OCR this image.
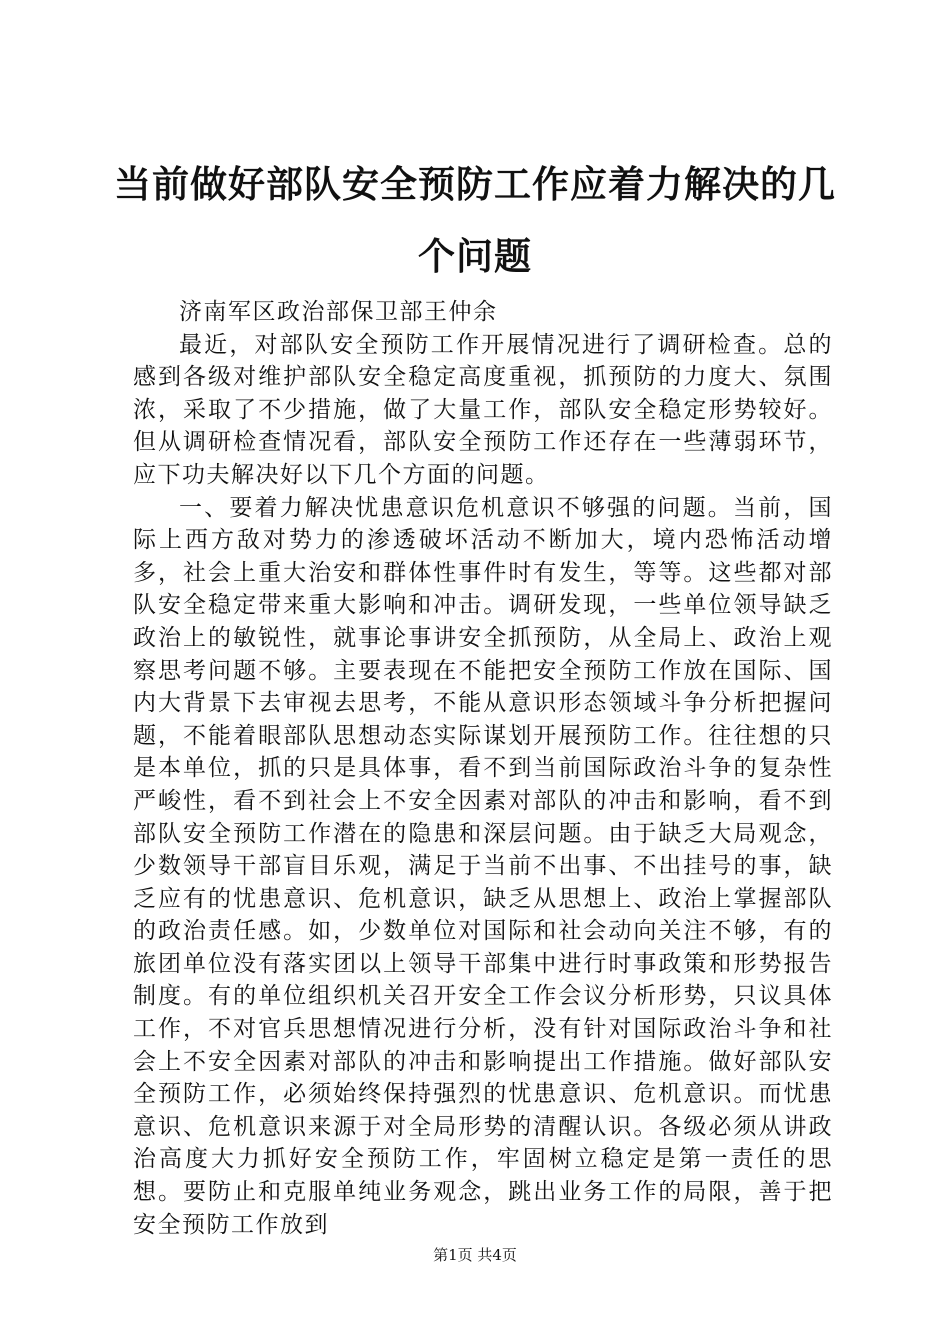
当前做好部队安全预防工作应着力解决的几个问题

济南军区政治部保卫部王仲余

最近，对部队安全预防工作开展情况进行了调研检查。总的感到各级对维护部队安全稳定高度重视，抓预防的力度大、氛围浓，采取了不少措施，做了大量工作，部队安全稳定形势较好。但从调研检查情况看，部队安全预防工作还存在一些薄弱环节，应下功夫解决好以下几个方面的问题。

一、要着力解决忧患意识危机意识不够强的问题。当前，国际上西方敌对势力的渗透破坏活动不断加大，境内恐怖活动增多，社会上重大治安和群体性事件时有发生，等等。这些都对部队安全稳定带来重大影响和冲击。调研发现，一些单位领导缺乏政治上的敏锐性，就事论事讲安全抓预防，从全局上、政治上观察思考问题不够。主要表现在不能把安全预防工作放在国际、国内大背景下去审视去思考，不能从意识形态领域斗争分析把握问题，不能着眼部队思想动态实际谋划开展预防工作。往往想的只是本单位，抓的只是具体事，看不到当前国际政治斗争的复杂性严峻性，看不到社会上不安全因素对部队的冲击和影响，看不到部队安全预防工作潜在的隐患和深层问题。由于缺乏大局观念，少数领导干部盲目乐观，满足于当前不出事、不出挂号的事，缺乏应有的忧患意识、危机意识，缺乏从思想上、政治上掌握部队的政治责任感。如，少数单位对国际和社会动向关注不够，有的旅团单位没有落实团以上领导干部集中进行时事政策和形势报告制度。有的单位组织机关召开安全工作会议分析形势，只议具体工作，不对官兵思想情况进行分析，没有针对国际政治斗争和社会上不安全因素对部队的冲击和影响提出工作措施。做好部队安全预防工作，必须始终保持强烈的忧患意识、危机意识。而忧患意识、危机意识来源于对全局形势的清醒认识。各级必须从讲政治高度大力抓好安全预防工作，牢固树立稳定是第一责任的思想。要防止和克服单纯业务观念，跳出业务工作的局限，善于把安全预防工作放到

第1页 共4页
